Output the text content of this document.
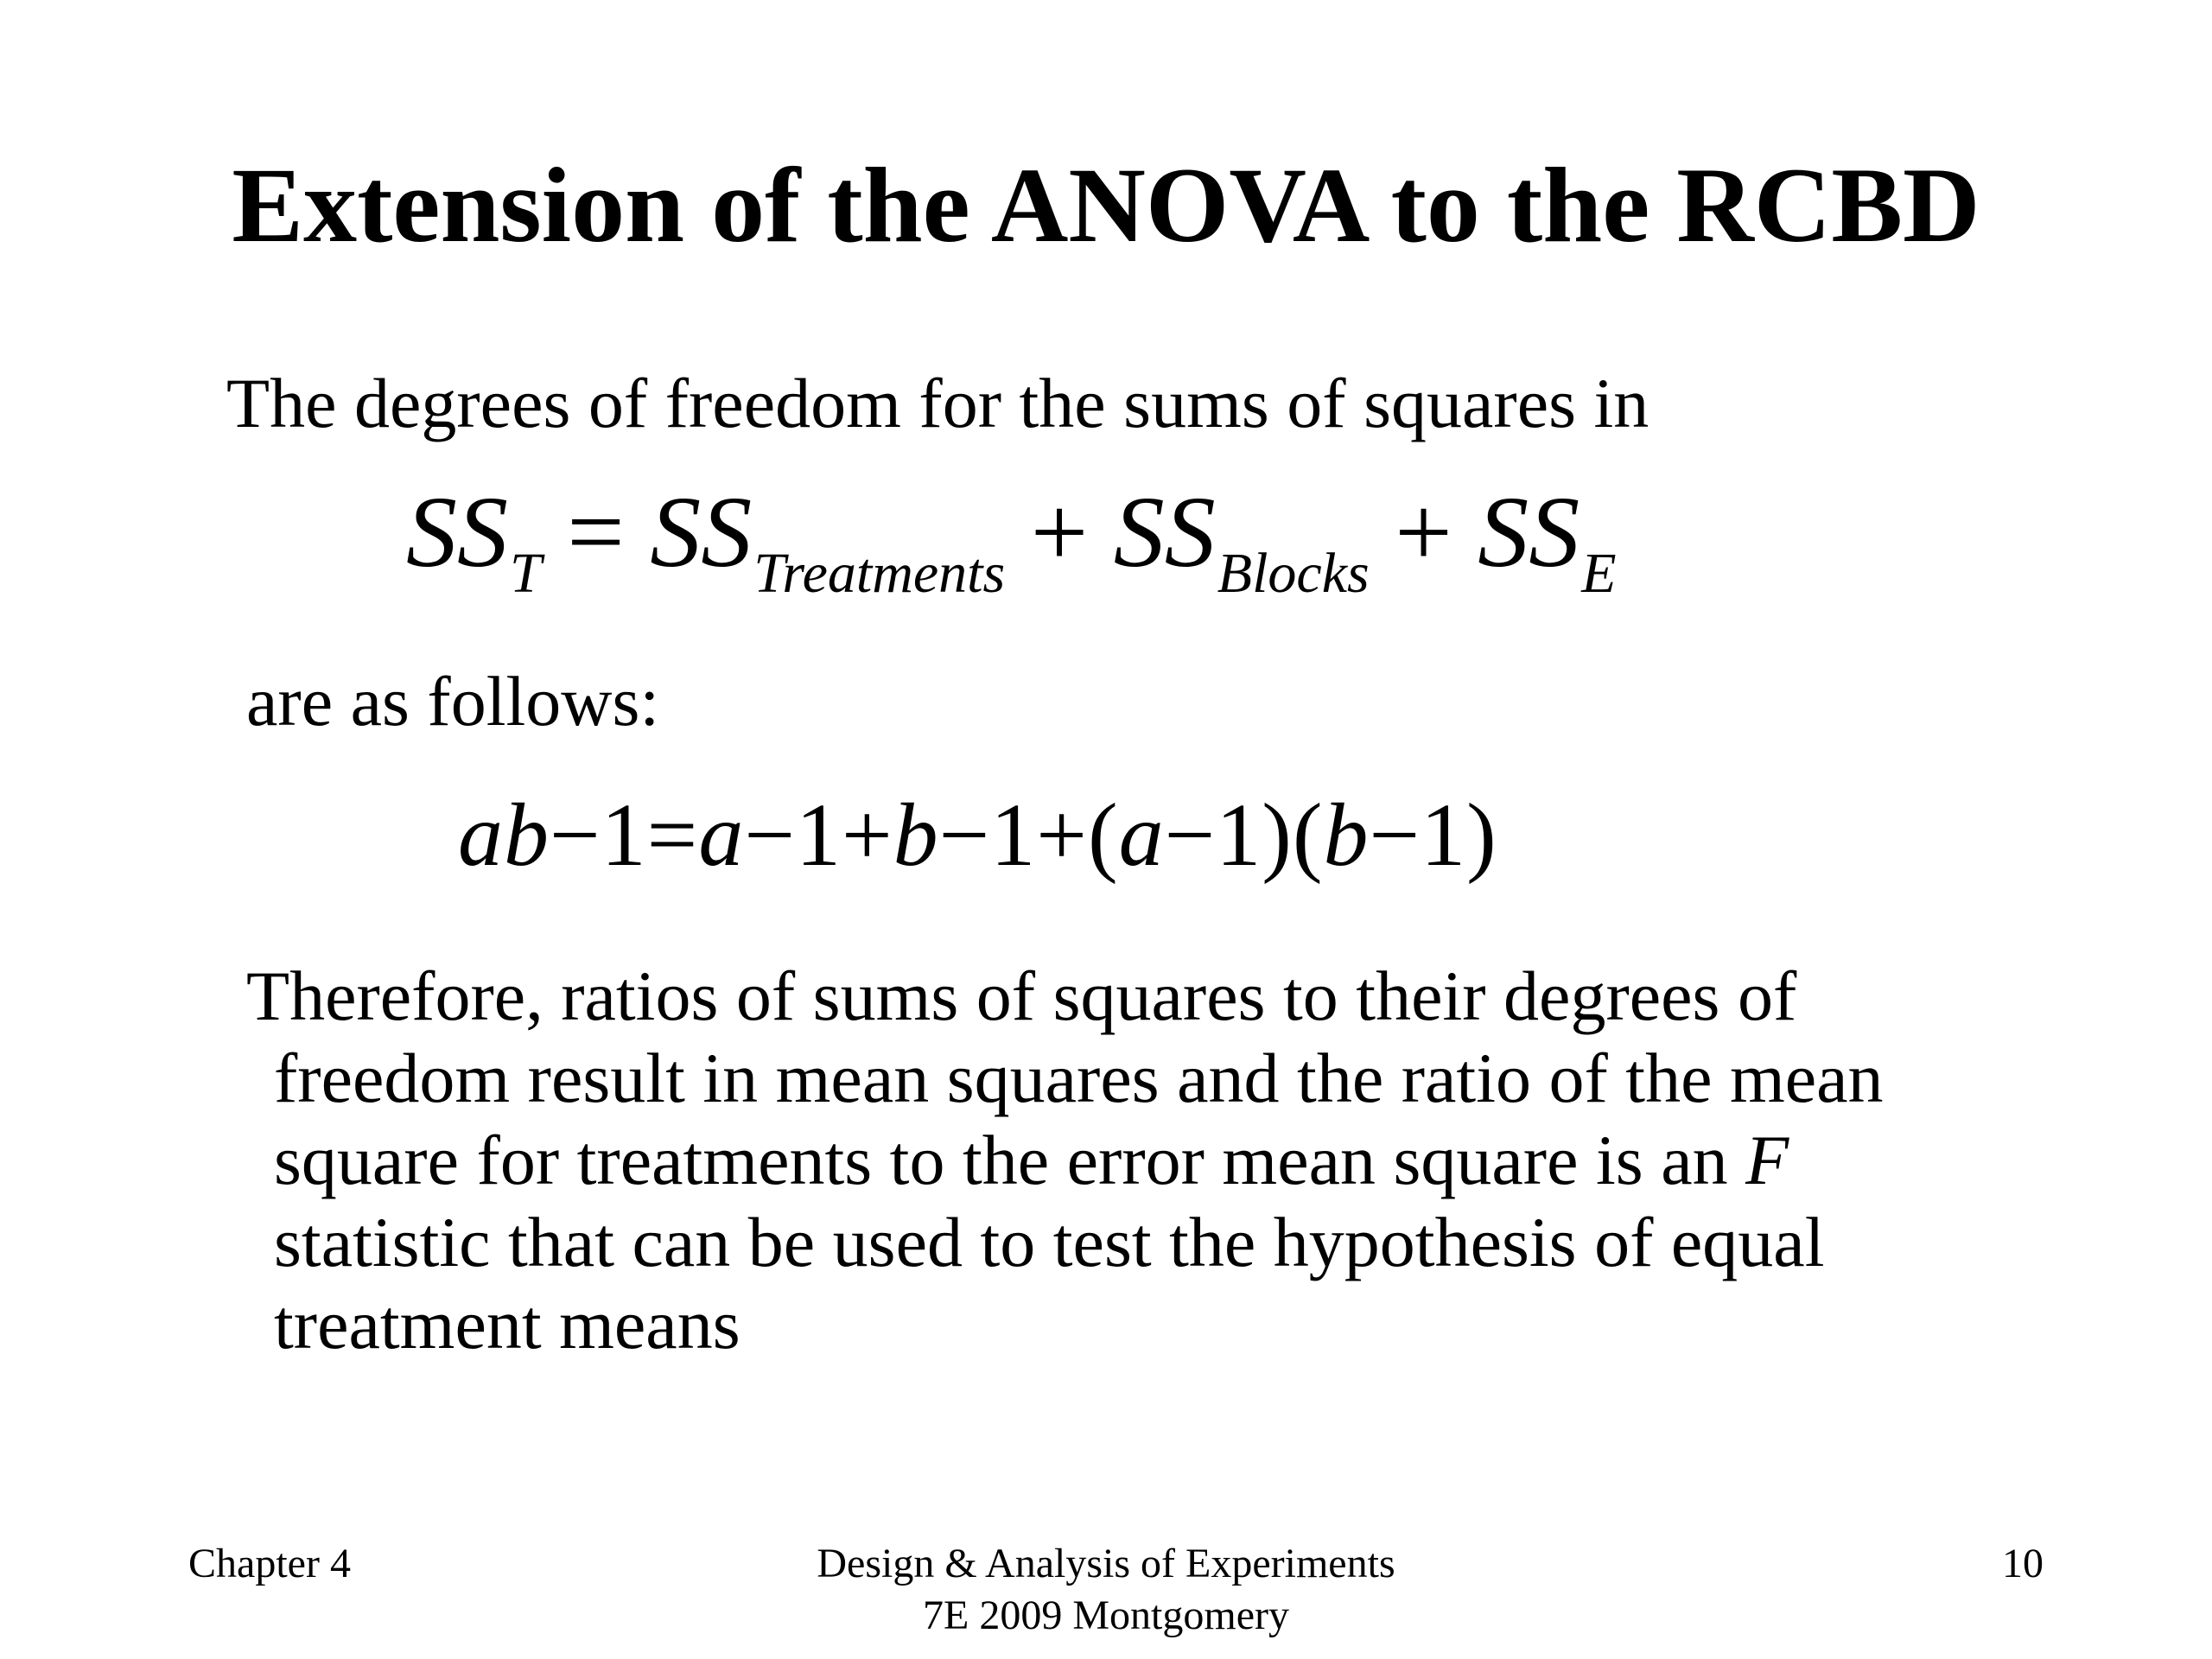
Extension of the ANOVA to the RCBD
The degrees of freedom for the sums of squares in
$SS_T = SS_{Treatments} + SS_{Blocks} + SS_E$
are as follows:
ab−1=a−1+b−1+(a−1)(b−1)
Therefore, ratios of sums of squares to their degrees of
freedom result in mean squares and the ratio of the mean
square for treatments to the error mean square is an F
statistic that can be used to test the hypothesis of equal
treatment means
Chapter 4	Design & Analysis of Experiments
7E 2009 Montgomery
10
